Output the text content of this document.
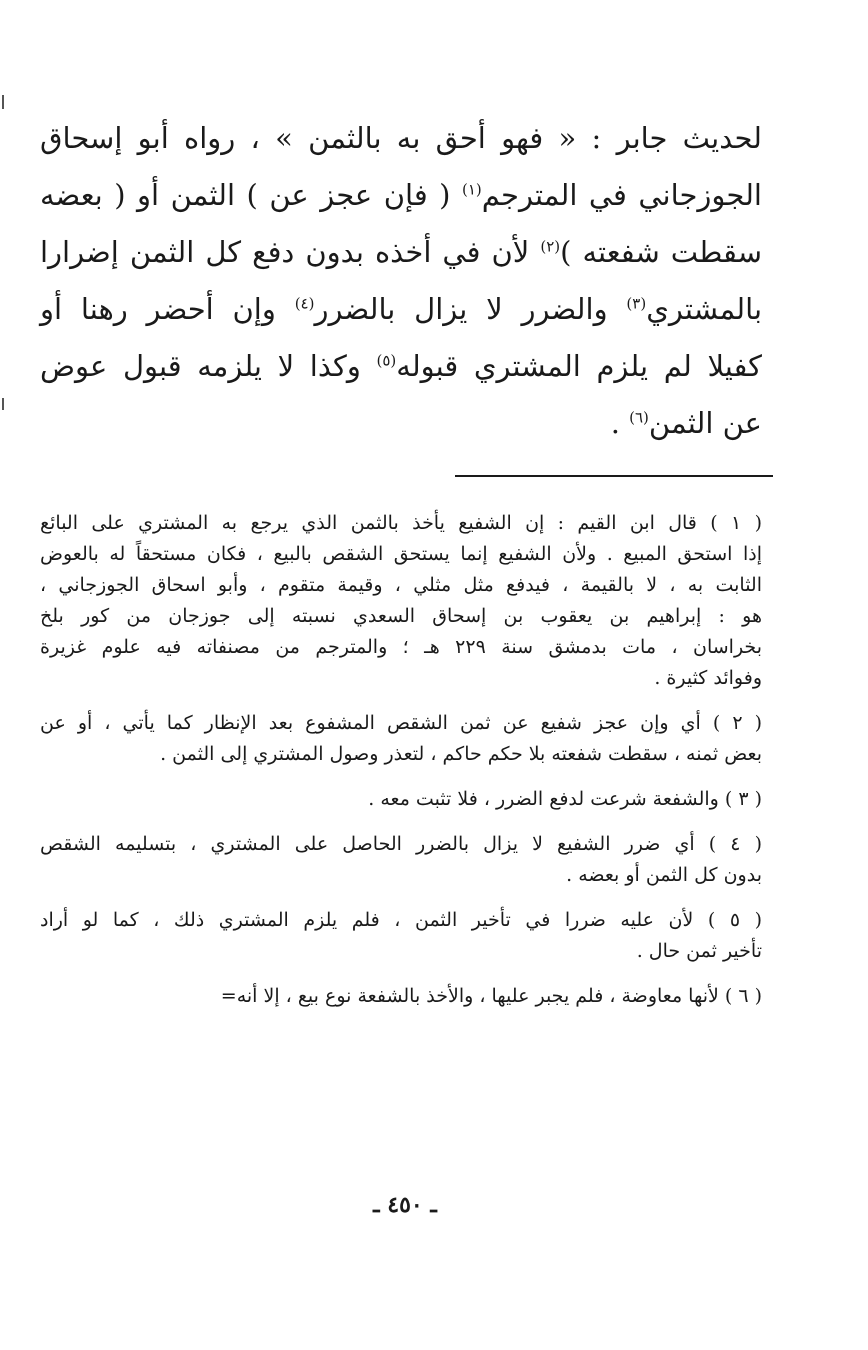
لحديث جابر : « فهو أحق به بالثمن » ، رواه أبو إسحاق
الجوزجاني في المترجم$^{(١)}$ ( فإن عجز عن ) الثمن أو ( بعضه
سقطت شفعته )$^{(٢)}$ لأن في أخذه بدون دفع كل الثمن إضرارا
بالمشتري$^{(٣)}$ والضرر لا يزال بالضرر$^{(٤)}$ وإن أحضر رهنا أو
كفيلا لم يلزم المشتري قبوله$^{(٥)}$ وكذا لا يلزمه قبول عوض
عن الثمن$^{(٦)}$ .
( ١ ) قال ابن القيم : إن الشفيع يأخذ بالثمن الذي يرجع به المشتري على البائع
إذا استحق المبيع . ولأن الشفيع إنما يستحق الشقص بالبيع ، فكان مستحقاً له بالعوض
الثابت به ، لا بالقيمة ، فيدفع مثل مثلي ، وقيمة متقوم ، وأبو اسحاق الجوزجاني ،
هو : إبراهيم بن يعقوب بن إسحاق السعدي نسبته إلى جوزجان من كور بلخ
بخراسان ، مات بدمشق سنة ٢٢٩ هـ ؛ والمترجم من مصنفاته فيه علوم غزيرة
وفوائد كثيرة .
( ٢ ) أي وإن عجز شفيع عن ثمن الشقص المشفوع بعد الإنظار كما يأتي ، أو عن
بعض ثمنه ، سقطت شفعته بلا حكم حاكم ، لتعذر وصول المشتري إلى الثمن .
( ٣ ) والشفعة شرعت لدفع الضرر ، فلا تثبت معه .
( ٤ ) أي ضرر الشفيع لا يزال بالضرر الحاصل على المشتري ، بتسليمه الشقص
بدون كل الثمن أو بعضه .
( ٥ ) لأن عليه ضررا في تأخير الثمن ، فلم يلزم المشتري ذلك ، كما لو أراد
تأخير ثمن حال .
( ٦ ) لأنها معاوضة ، فلم يجبر عليها ، والأخذ بالشفعة نوع بيع ، إلا أنه=
ـ ٤٥٠ ـ
